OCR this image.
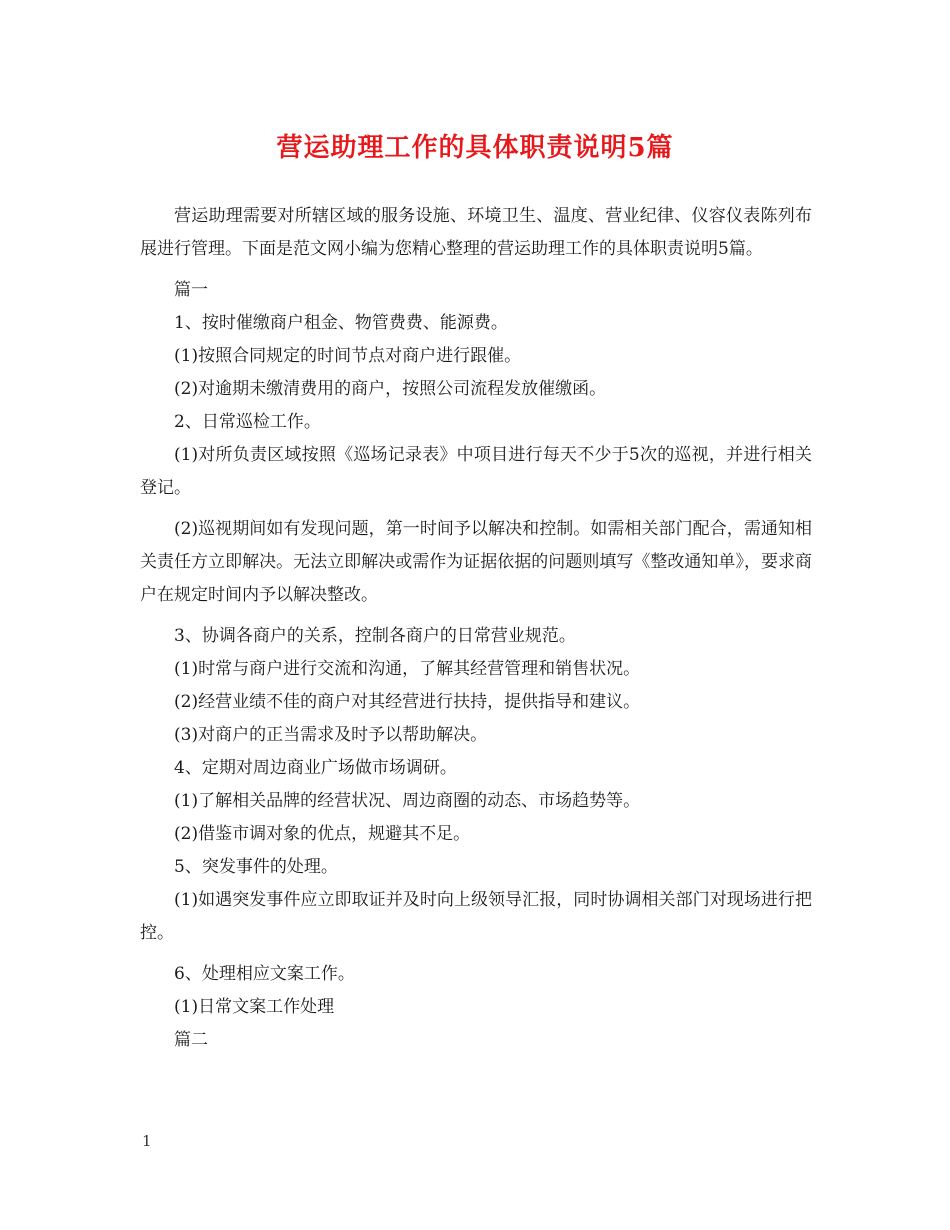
营运助理工作的具体职责说明5篇

营运助理需要对所辖区域的服务设施、环境卫生、温度、营业纪律、仪容仪表陈列布展进行管理。下面是范文网小编为您精心整理的营运助理工作的具体职责说明5篇。

篇一

1、按时催缴商户租金、物管费费、能源费。

(1)按照合同规定的时间节点对商户进行跟催。

(2)对逾期未缴清费用的商户，按照公司流程发放催缴函。

2、日常巡检工作。

(1)对所负责区域按照《巡场记录表》中项目进行每天不少于5次的巡视，并进行相关登记。

(2)巡视期间如有发现问题，第一时间予以解决和控制。如需相关部门配合，需通知相关责任方立即解决。无法立即解决或需作为证据依据的问题则填写《整改通知单》，要求商户在规定时间内予以解决整改。

3、协调各商户的关系，控制各商户的日常营业规范。

(1)时常与商户进行交流和沟通，了解其经营管理和销售状况。

(2)经营业绩不佳的商户对其经营进行扶持，提供指导和建议。

(3)对商户的正当需求及时予以帮助解决。

4、定期对周边商业广场做市场调研。

(1)了解相关品牌的经营状况、周边商圈的动态、市场趋势等。

(2)借鉴市调对象的优点，规避其不足。

5、突发事件的处理。

(1)如遇突发事件应立即取证并及时向上级领导汇报，同时协调相关部门对现场进行把控。

6、处理相应文案工作。

(1)日常文案工作处理

篇二

1
